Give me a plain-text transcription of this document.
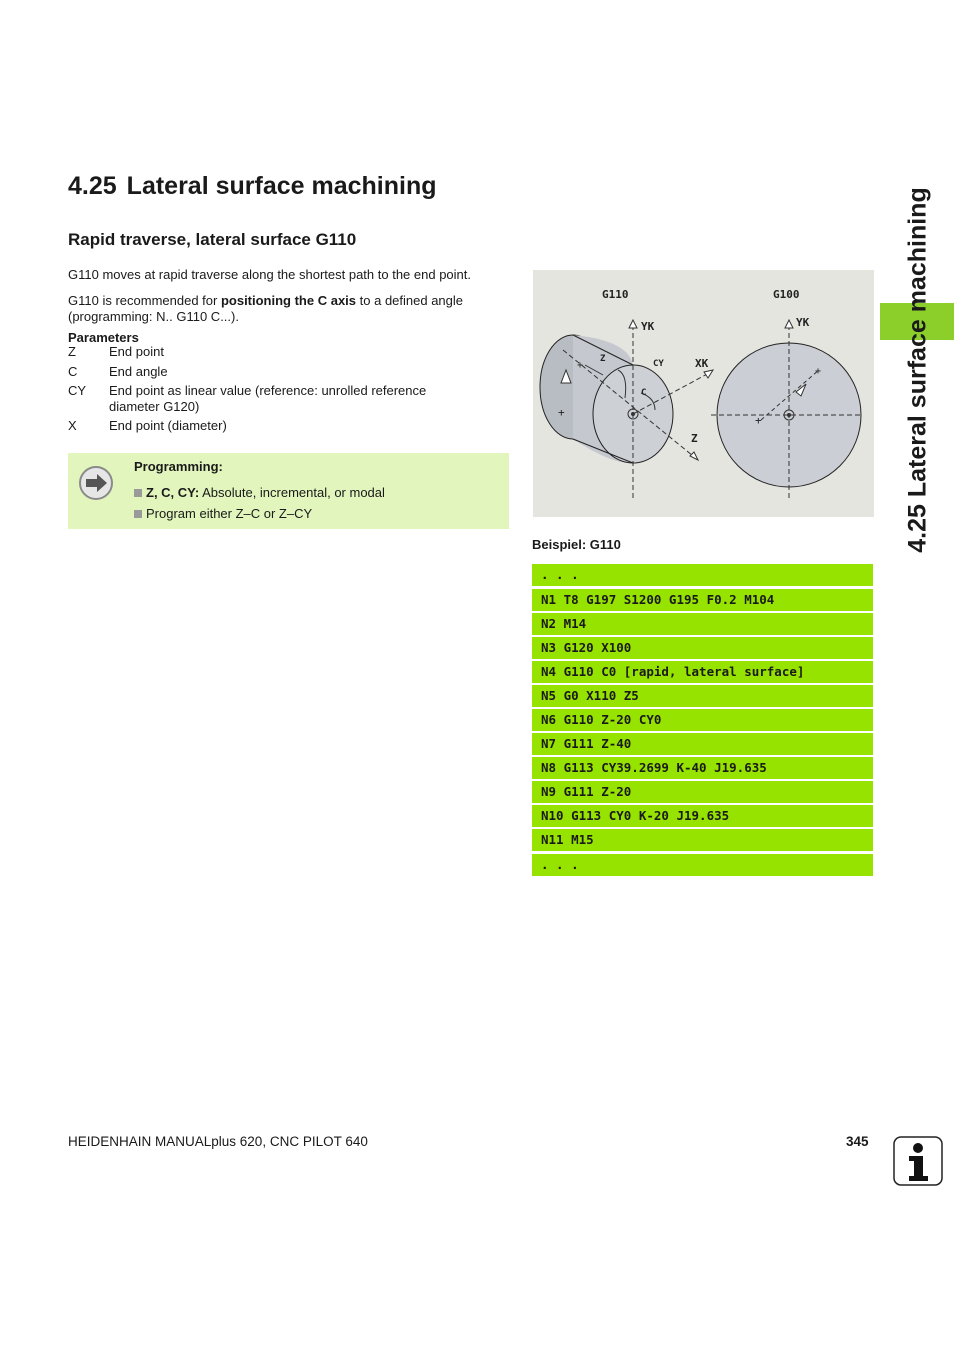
4.25 Lateral surface machining
Rapid traverse, lateral surface G110
G110 moves at rapid traverse along the shortest path to the end point.
G110 is recommended for positioning the C axis to a defined angle (programming: N.. G110 C...).
Parameters
Z	End point
C	End angle
CY	End point as linear value (reference: unrolled reference diameter G120)
X	End point (diameter)
Programming:
Z, C, CY: Absolute, incremental, or modal
Program either Z–C or Z–CY	4.25 Lateral surface machining
+
+
+
+
G110	G100
YK	YK
XK
Z
Z
CY
C
Beispiel: G110
. . .
N1 T8 G197 S1200 G195 F0.2 M104
N2 M14
N3 G120 X100
N4 G110 C0 [rapid, lateral surface]
N5 G0 X110 Z5
N6 G110 Z-20 CY0
N7 G111 Z-40
N8 G113 CY39.2699 K-40 J19.635
N9 G111 Z-20
N10 G113 CY0 K-20 J19.635
N11 M15
. . .
HEIDENHAIN MANUALplus 620, CNC PILOT 640	345
